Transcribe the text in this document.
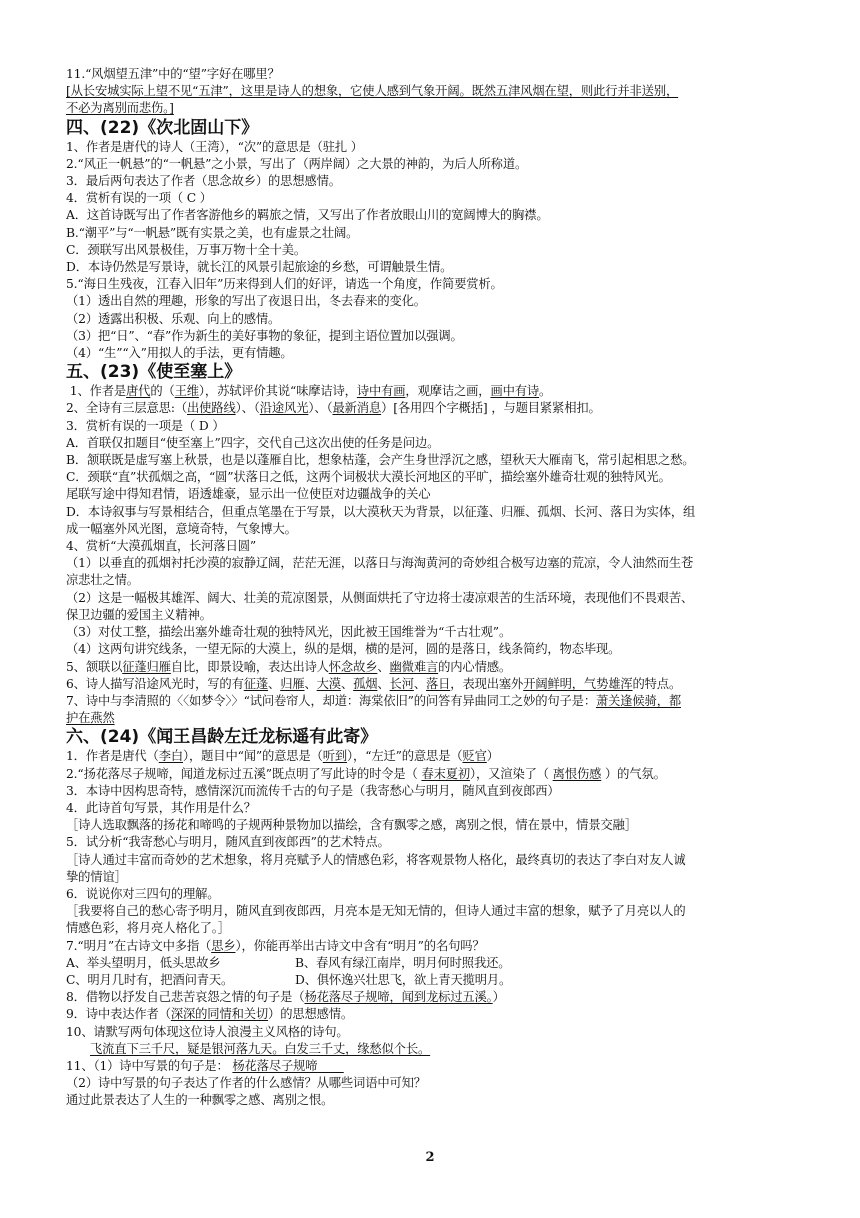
11.“风烟望五津”中的“望”字好在哪里？
[从长安城实际上望不见“五津”，这里是诗人的想象，它使人感到气象开阔。既然五津风烟在望，则此行并非送别，
不必为离别而悲伤。]
四、(22)《次北固山下》
1、作者是唐代的诗人（王湾），“次”的意思是（驻扎 ）
2.“风正一帆悬”的“一帆悬”之小景，写出了（两岸阔）之大景的神韵，为后人所称道。
3．最后两句表达了作者（思念故乡）的思想感情。
4．赏析有误的一项（ C ）
A．这首诗既写出了作者客游他乡的羁旅之情，又写出了作者放眼山川的宽阔博大的胸襟。
B.“潮平”与“一帆悬”既有实景之美，也有虚景之壮阔。
C．颈联写出风景极佳，万事万物十全十美。
D．本诗仍然是写景诗，就长江的风景引起旅途的乡愁，可谓触景生情。
5.“海日生残夜，江春入旧年”历来得到人们的好评，请选一个角度，作简要赏析。
（1）透出自然的理趣，形象的写出了夜退日出，冬去春来的变化。
（2）透露出积极、乐观、向上的感情。
（3）把“日”、“春”作为新生的美好事物的象征，提到主语位置加以强调。
（4）“生”“入”用拟人的手法，更有情趣。
五、(23)《使至塞上》
1、作者是唐代的（王维），苏轼评价其说“味摩诘诗，诗中有画，观摩诘之画，画中有诗。
2、全诗有三层意思:（出使路线）、（沿途风光）、（最新消息）[各用四个字概括] ，与题目紧紧相扣。
3．赏析有误的一项是（ D ）
A．首联仅扣题目“使至塞上”四字，交代自己这次出使的任务是问边。
B．颔联既是虚写塞上秋景，也是以蓬雁自比，想象枯蓬，会产生身世浮沉之感，望秋天大雁南飞，常引起相思之愁。
C．颈联“直”状孤烟之高，“圆”状落日之低，这两个词极状大漠长河地区的平旷，描绘塞外雄奇壮观的独特风光。
尾联写途中得知君情，语透雄豪，显示出一位使臣对边疆战争的关心
D．本诗叙事与写景相结合，但重点笔墨在于写景，以大漠秋天为背景，以征蓬、归雁、孤烟、长河、落日为实体，组
成一幅塞外风光图，意境奇特，气象博大。
4、赏析“大漠孤烟直，长河落日圆”
（1）以垂直的孤烟衬托沙漠的寂静辽阔，茫茫无涯，以落日与海淘黄河的奇妙组合极写边塞的荒凉，令人油然而生苍
凉悲壮之情。
（2）这是一幅极其雄浑、阔大、壮美的荒凉图景，从侧面烘托了守边将士凄凉艰苦的生活环境，表现他们不畏艰苦、
保卫边疆的爱国主义精神。
（3）对仗工整，描绘出塞外雄奇壮观的独特风光，因此被王国维誉为“千古壮观”。
（4）这两句讲究线条，一望无际的大漠上，纵的是烟，横的是河，圆的是落日，线条简约，物态毕现。
5、颔联以征蓬归雁自比，即景设喻，表达出诗人怀念故乡、幽微难言的内心情感。
6、诗人描写沿途风光时，写的有征蓬、归雁、大漠、孤烟、长河、落日，表现出塞外开阔鲜明，气势雄浑的特点。
7、诗中与李清照的〈〈如梦令〉〉“试问卷帘人，却道：海棠依旧”的问答有异曲同工之妙的句子是：萧关逢候骑，都
护在燕然
六、(24)《闻王昌龄左迁龙标遥有此寄》
1．作者是唐代（李白），题目中“闻”的意思是（听到），“左迁”的意思是（贬官）
2.“扬花落尽子规啼，闻道龙标过五溪”既点明了写此诗的时令是（ 春末夏初），又渲染了（ 离恨伤感 ）的气氛。
3．本诗中因构思奇特，感情深沉而流传千古的句子是（我寄愁心与明月，随风直到夜郎西）
4．此诗首句写景，其作用是什么？
［诗人选取飘落的扬花和啼鸣的子规两种景物加以描绘，含有飘零之感，离别之恨，情在景中，情景交融］
5．试分析“我寄愁心与明月，随风直到夜郎西”的艺术特点。
［诗人通过丰富而奇妙的艺术想象，将月亮赋予人的情感色彩，将客观景物人格化，最终真切的表达了李白对友人诚
挚的情谊］
6．说说你对三四句的理解。
［我要将自己的愁心寄予明月，随风直到夜郎西，月亮本是无知无情的，但诗人通过丰富的想象，赋予了月亮以人的
情感色彩，将月亮人格化了。］
7.“明月”在古诗文中多指（思乡），你能再举出古诗文中含有“明月”的名句吗？
A、举头望明月，低头思故乡	B、春风有绿江南岸，明月何时照我还。
C、明月几时有，把酒问青天。	D、俱怀逸兴壮思飞，欲上青天揽明月。
8．借物以抒发自己悲苦哀怨之情的句子是（杨花落尽子规啼，闻到龙标过五溪。）
9．诗中表达作者（深深的同情和关切）的思想感情。
10、请默写两句体现这位诗人浪漫主义风格的诗句。
飞流直下三千尺，疑是银河落九天。白发三千丈，缘愁似个长。
11、（1）诗中写景的句子是： 杨花落尽子规啼
（2）诗中写景的句子表达了作者的什么感情？从哪些词语中可知？
通过此景表达了人生的一种飘零之感、离别之恨。
2
